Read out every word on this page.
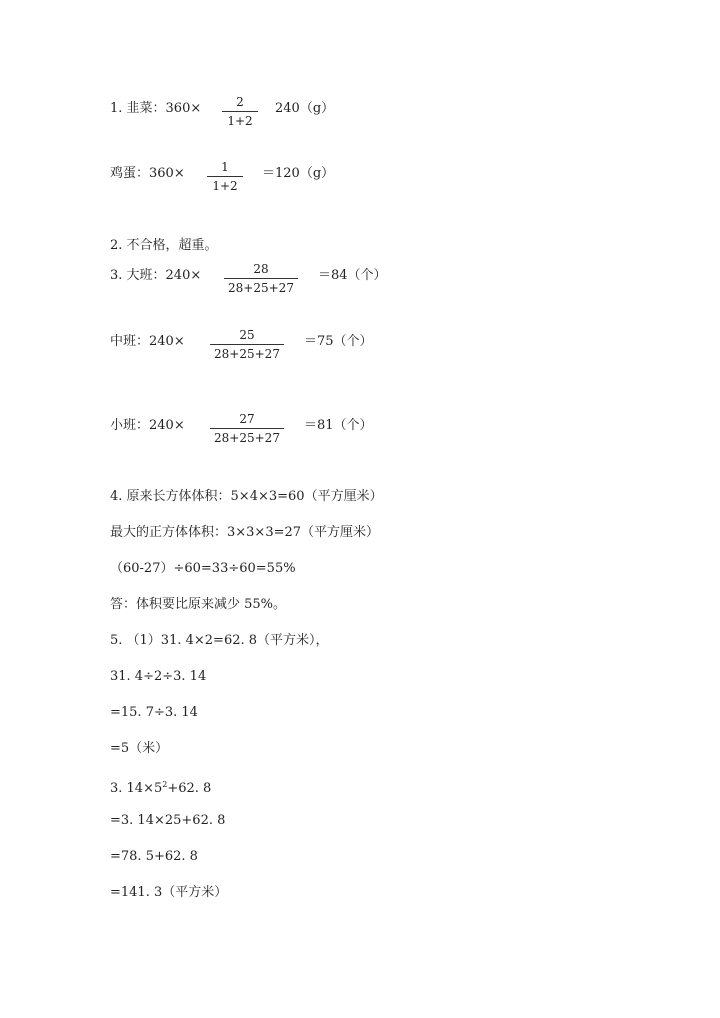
1. 韭菜：360×	2
1+2
240（g）
鸡蛋：360×	1
1+2
＝120（g）
2. 不合格，超重。
3. 大班：240×	28
28+25+27
＝84（个）
中班：240×	25
28+25+27
＝75（个）
小班：240×	27
28+25+27
＝81（个）
4. 原来长方体体积：5×4×3=60（平方厘米）
最大的正方体体积：3×3×3=27（平方厘米）
（60-27）÷60=33÷60=55%
答：体积要比原来减少 55%。
5. （1）31. 4×2=62. 8（平方米），
31. 4÷2÷3. 14
=15. 7÷3. 14
=5（米）
3. $14\times 5^2+62$. 8
=3. 14×25+62. 8
=78. 5+62. 8
=141. 3（平方米）
